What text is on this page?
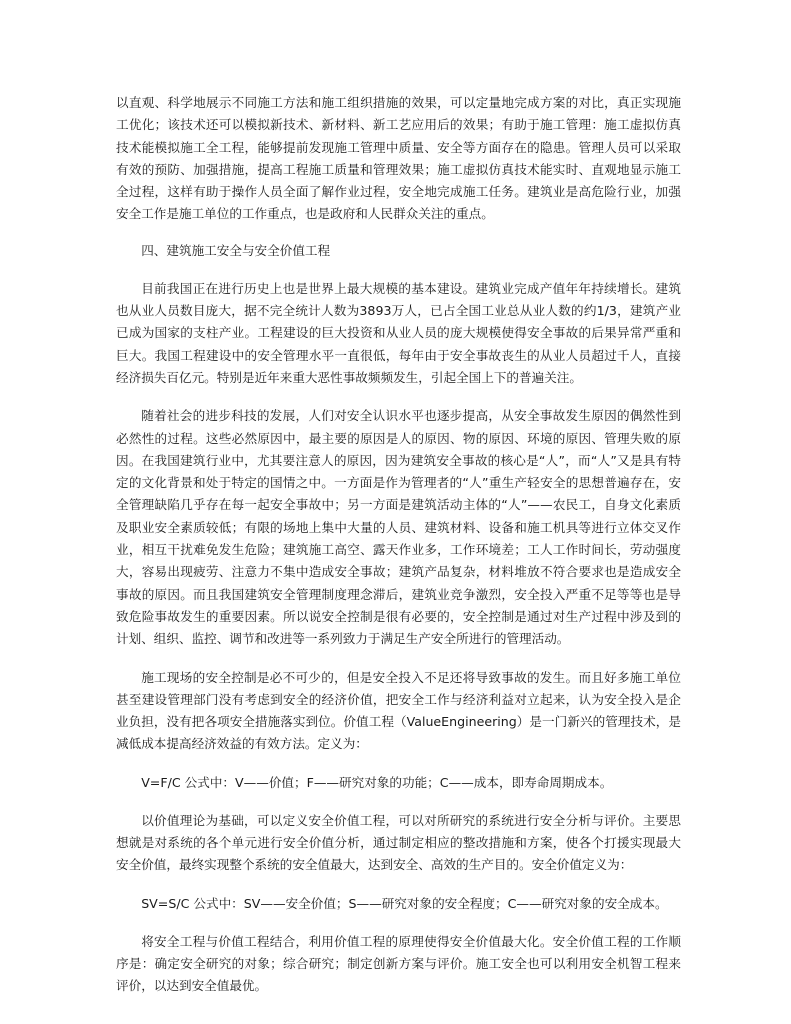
以直观、科学地展示不同施工方法和施工组织措施的效果，可以定量地完成方案的对比，真正实现施工优化；该技术还可以模拟新技术、新材料、新工艺应用后的效果；有助于施工管理：施工虚拟仿真技术能模拟施工全工程，能够提前发现施工管理中质量、安全等方面存在的隐患。管理人员可以采取有效的预防、加强措施，提高工程施工质量和管理效果；施工虚拟仿真技术能实时、直观地显示施工全过程，这样有助于操作人员全面了解作业过程，安全地完成施工任务。建筑业是高危险行业，加强安全工作是施工单位的工作重点，也是政府和人民群众关注的重点。

四、建筑施工安全与安全价值工程

目前我国正在进行历史上也是世界上最大规模的基本建设。建筑业完成产值年年持续增长。建筑也从业人员数目庞大，据不完全统计人数为3893万人，已占全国工业总从业人数的约1/3，建筑产业已成为国家的支柱产业。工程建设的巨大投资和从业人员的庞大规模使得安全事故的后果异常严重和巨大。我国工程建设中的安全管理水平一直很低，每年由于安全事故丧生的从业人员超过千人，直接经济损失百亿元。特别是近年来重大恶性事故频频发生，引起全国上下的普遍关注。

随着社会的进步科技的发展，人们对安全认识水平也逐步提高，从安全事故发生原因的偶然性到必然性的过程。这些必然原因中，最主要的原因是人的原因、物的原因、环境的原因、管理失败的原因。在我国建筑行业中，尤其要注意人的原因，因为建筑安全事故的核心是“人”，而“人”又是具有特定的文化背景和处于特定的国情之中。一方面是作为管理者的“人”重生产轻安全的思想普遍存在，安全管理缺陷几乎存在每一起安全事故中；另一方面是建筑活动主体的“人”——农民工，自身文化素质及职业安全素质较低；有限的场地上集中大量的人员、建筑材料、设备和施工机具等进行立体交叉作业，相互干扰难免发生危险；建筑施工高空、露天作业多，工作环境差；工人工作时间长，劳动强度大，容易出现疲劳、注意力不集中造成安全事故；建筑产品复杂，材料堆放不符合要求也是造成安全事故的原因。而且我国建筑安全管理制度理念滞后，建筑业竞争激烈，安全投入严重不足等等也是导致危险事故发生的重要因素。所以说安全控制是很有必要的，安全控制是通过对生产过程中涉及到的计划、组织、监控、调节和改进等一系列致力于满足生产安全所进行的管理活动。

施工现场的安全控制是必不可少的，但是安全投入不足还将导致事故的发生。而且好多施工单位甚至建设管理部门没有考虑到安全的经济价值，把安全工作与经济利益对立起来，认为安全投入是企业负担，没有把各项安全措施落实到位。价值工程（ValueEngineering）是一门新兴的管理技术，是减低成本提高经济效益的有效方法。定义为：

V=F/C 公式中：V——价值；F——研究对象的功能；C——成本，即寿命周期成本。

以价值理论为基础，可以定义安全价值工程，可以对所研究的系统进行安全分析与评价。主要思想就是对系统的各个单元进行安全价值分析，通过制定相应的整改措施和方案，使各个打援实现最大安全价值，最终实现整个系统的安全值最大，达到安全、高效的生产目的。安全价值定义为：

SV=S/C 公式中：SV——安全价值；S——研究对象的安全程度；C——研究对象的安全成本。

将安全工程与价值工程结合，利用价值工程的原理使得安全价值最大化。安全价值工程的工作顺序是：确定安全研究的对象；综合研究；制定创新方案与评价。施工安全也可以利用安全机智工程来评价，以达到安全值最优。
